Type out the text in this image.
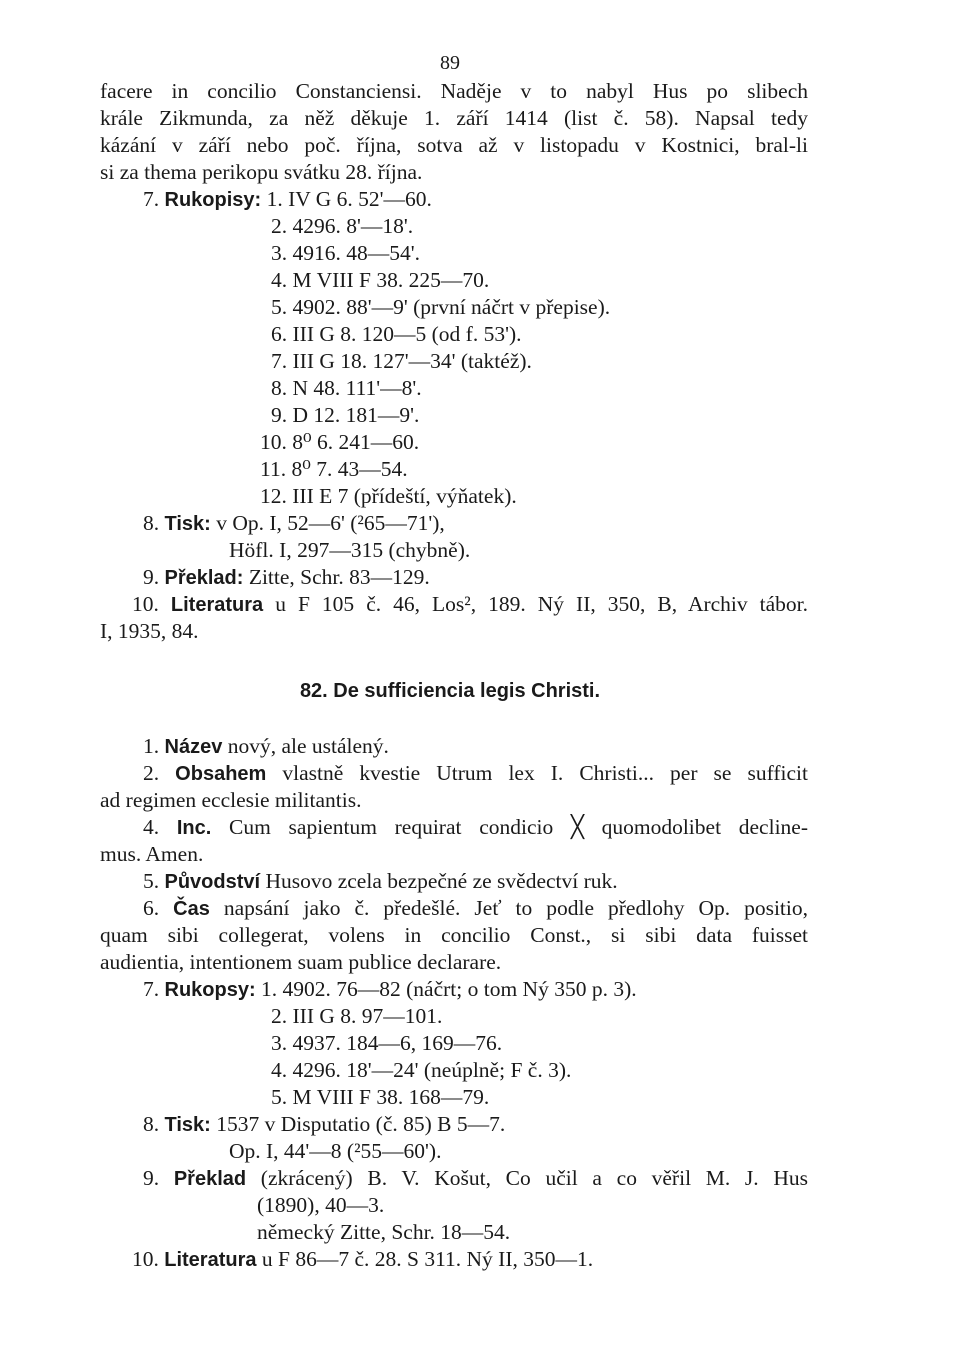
89
facere in concilio Constanciensi. Naděje v to nabyl Hus po slibech
krále Zikmunda, za něž děkuje 1. září 1414 (list č. 58). Napsal tedy
kázání v září nebo poč. října, sotva až v listopadu v Kostnici, bral-li
si za thema perikopu svátku 28. října.
7. Rukopisy: 1. IV G 6. 52'—60.
2. 4296. 8'—18'.
3. 4916. 48—54'.
4. M VIII F 38. 225—70.
5. 4902. 88'—9' (první náčrt v přepise).
6. III G 8. 120—5 (od f. 53').
7. III G 18. 127'—34' (taktéž).
8. N 48. 111'—8'.
9. D 12. 181—9'.
10. 8⁰ 6. 241—60.
11. 8⁰ 7. 43—54.
12. III E 7 (přídeští, výňatek).
8. Tisk: v Op. I, 52—6' (²65—71'),
Höfl. I, 297—315 (chybně).
9. Překlad: Zitte, Schr. 83—129.
10. Literatura u F 105 č. 46, Los², 189. Ný II, 350, B, Archiv tábor.
I, 1935, 84.
82. De sufficiencia legis Christi.
1. Název nový, ale ustálený.
2. Obsahem vlastně kvestie Utrum lex I. Christi... per se sufficit
ad regimen ecclesie militantis.
4. Inc. Cum sapientum requirat condicio ╳ quomodolibet decline-
mus. Amen.
5. Původství Husovo zcela bezpečné ze svědectví ruk.
6. Čas napsání jako č. předešlé. Jeť to podle předlohy Op. positio,
quam sibi collegerat, volens in concilio Const., si sibi data fuisset
audientia, intentionem suam publice declarare.
7. Rukopsy: 1. 4902. 76—82 (náčrt; o tom Ný 350 p. 3).
2. III G 8. 97—101.
3. 4937. 184—6, 169—76.
4. 4296. 18'—24' (neúplně; F č. 3).
5. M VIII F 38. 168—79.
8. Tisk: 1537 v Disputatio (č. 85) B 5—7.
Op. I, 44'—8 (²55—60').
9. Překlad (zkrácený) B. V. Košut, Co učil a co věřil M. J. Hus
(1890), 40—3.
německý Zitte, Schr. 18—54.
10. Literatura u F 86—7 č. 28. S 311. Ný II, 350—1.
